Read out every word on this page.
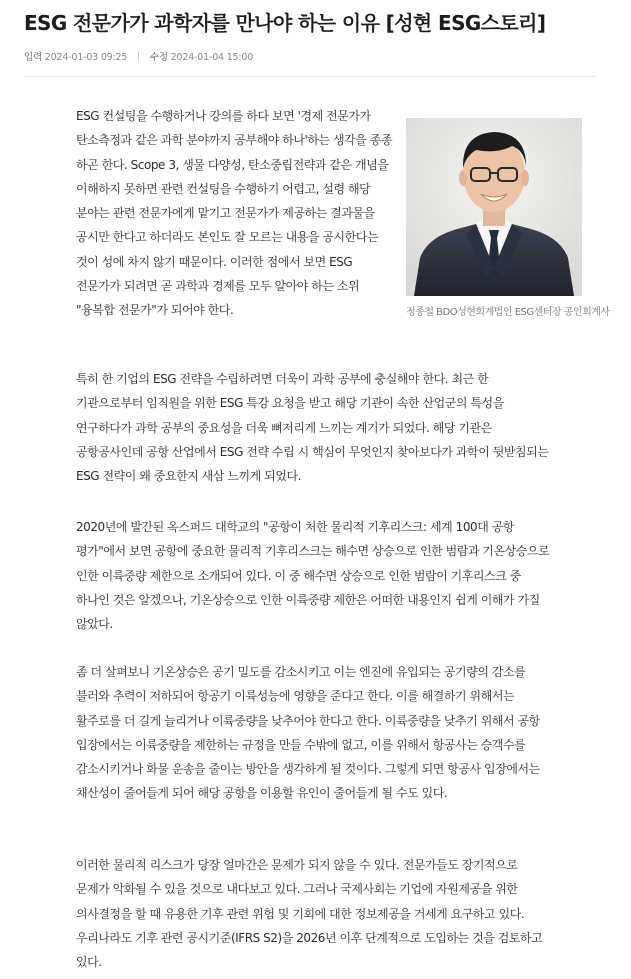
ESG 전문가가 과학자를 만나야 하는 이유 [성현 ESG스토리]
입력 2024-01-03 09:25 수정 2024-01-04 15:00
정종철 BDO성현회계법인 ESG센터장 공인회계사

ESG 컨설팅을 수행하거나 강의를 하다 보면 '경제 전문가가 탄소측정과 같은 과학 분야까지 공부해야 하나'하는 생각을 종종 하곤 한다. Scope 3, 생물 다양성, 탄소중립전략과 같은 개념을 이해하지 못하면 관련 컨설팅을 수행하기 어렵고, 설령 해당 분야는 관련 전문가에게 맡기고 전문가가 제공하는 결과물을 공시만 한다고 하더라도 본인도 잘 모르는 내용을 공시한다는 것이 성에 차지 않기 때문이다. 이러한 점에서 보면 ESG 전문가가 되려면 곧 과학과 경제를 모두 알아야 하는 소위 "융복합 전문가"가 되어야 한다.

특히 한 기업의 ESG 전략을 수립하려면 더욱이 과학 공부에 충실해야 한다. 최근 한 기관으로부터 임직원을 위한 ESG 특강 요청을 받고 해당 기관이 속한 산업군의 특성을 연구하다가 과학 공부의 중요성을 더욱 뼈저리게 느끼는 계기가 되었다. 해당 기관은 공항공사인데 공항 산업에서 ESG 전략 수립 시 핵심이 무엇인지 찾아보다가 과학이 뒷받침되는 ESG 전략이 왜 중요한지 새삼 느끼게 되었다.

2020년에 발간된 옥스퍼드 대학교의 "공항이 처한 물리적 기후리스크: 세계 100대 공항 평가"에서 보면 공항에 중요한 물리적 기후리스크는 해수면 상승으로 인한 범람과 기온상승으로 인한 이륙중량 제한으로 소개되어 있다. 이 중 해수면 상승으로 인한 범람이 기후리스크 중 하나인 것은 알겠으나, 기온상승으로 인한 이륙중량 제한은 어떠한 내용인지 쉽게 이해가 가질 않았다.

좀 더 살펴보니 기온상승은 공기 밀도를 감소시키고 이는 엔진에 유입되는 공기량의 감소를 불러와 추력이 저하되어 항공기 이륙성능에 영향을 준다고 한다. 이를 해결하기 위해서는 활주로를 더 길게 늘리거나 이륙중량을 낮추어야 한다고 한다. 이륙중량을 낮추기 위해서 공항 입장에서는 이륙중량을 제한하는 규정을 만들 수밖에 없고, 이를 위해서 항공사는 승객수를 감소시키거나 화물 운송을 줄이는 방안을 생각하게 될 것이다. 그렇게 되면 항공사 입장에서는 채산성이 줄어들게 되어 해당 공항을 이용할 유인이 줄어들게 될 수도 있다.

이러한 물리적 리스크가 당장 얼마간은 문제가 되지 않을 수 있다. 전문가들도 장기적으로 문제가 악화될 수 있을 것으로 내다보고 있다. 그러나 국제사회는 기업에 자원제공을 위한 의사결정을 할 때 유용한 기후 관련 위험 및 기회에 대한 정보제공을 거세게 요구하고 있다. 우리나라도 기후 관련 공시기준(IFRS S2)을 2026년 이후 단계적으로 도입하는 것을 검토하고 있다.
